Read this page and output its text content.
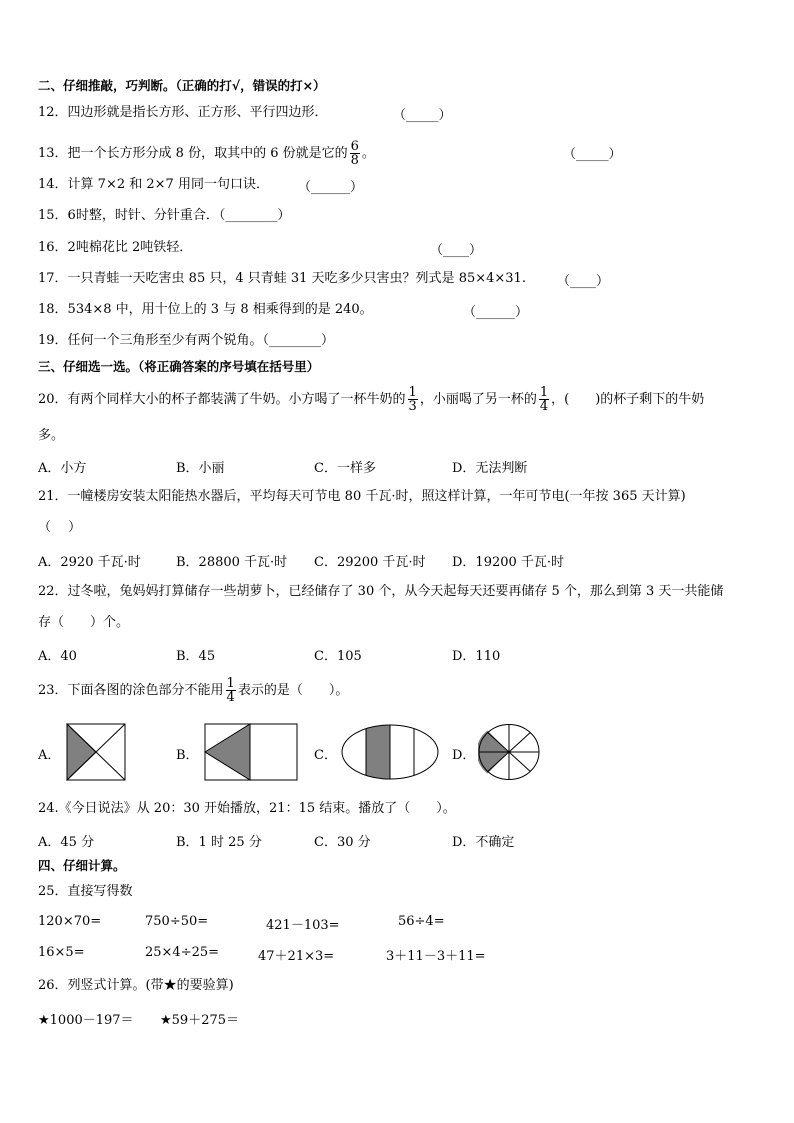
二、仔细推敲，巧判断。（正确的打√，错误的打×）
12．四边形就是指长方形、正方形、平行四边形．	（_____）
13．把一个长方形分成 8 份，取其中的 6 份就是它的 $\frac{6}{8}$ 。	（_____）
14．计算 7×2 和 2×7 用同一句口诀． （______）
15．6时整，时针、分针重合．（________）
16．2吨棉花比 2吨铁轻．	（____）
17．一只青蛙一天吃害虫 85 只，4 只青蛙 31 天吃多少只害虫？列式是 85×4×31. （____）
18．534×8 中，用十位上的 3 与 8 相乘得到的是 240。	（______）
19．任何一个三角形至少有两个锐角。（________）
三、仔细选一选。（将正确答案的序号填在括号里）
20．有两个同样大小的杯子都装满了牛奶。小方喝了一杯牛奶的 $\frac{1}{3}$ ，小丽喝了另一杯的 $\frac{1}{4}$ ，(　　)的杯子剩下的牛奶
多。
A．小方	B．小丽	C．一样多	D．无法判断
21．一幢楼房安装太阳能热水器后，平均每天可节电 80 千瓦·时，照这样计算，一年可节电(一年按 365 天计算)
（　 ）
A．2920 千瓦·时	B．28800 千瓦·时 C．29200 千瓦·时 D．19200 千瓦·时
22．过冬啦，兔妈妈打算储存一些胡萝卜，已经储存了 30 个，从今天起每天还要再储存 5 个，那么到第 3 天一共能储
存（　　）个。
A．40	B．45	C．105	D．110
23．下面各图的涂色部分不能用 $\frac{1}{4}$ 表示的是（　　）。
A．	B．	C．	D．
24.《今日说法》从 20：30 开始播放，21：15 结束。播放了（　　）。
A．45 分	B．1 时 25 分	C．30 分	D．不确定
四、仔细计算。
25．直接写得数
120×70=	750÷50=	421－103=	56÷4=
16×5=	25×4÷25=	47＋21×3=	3＋11－3＋11=
26．列竖式计算。(带★的要验算)
★1000－197＝ ★59＋275＝
